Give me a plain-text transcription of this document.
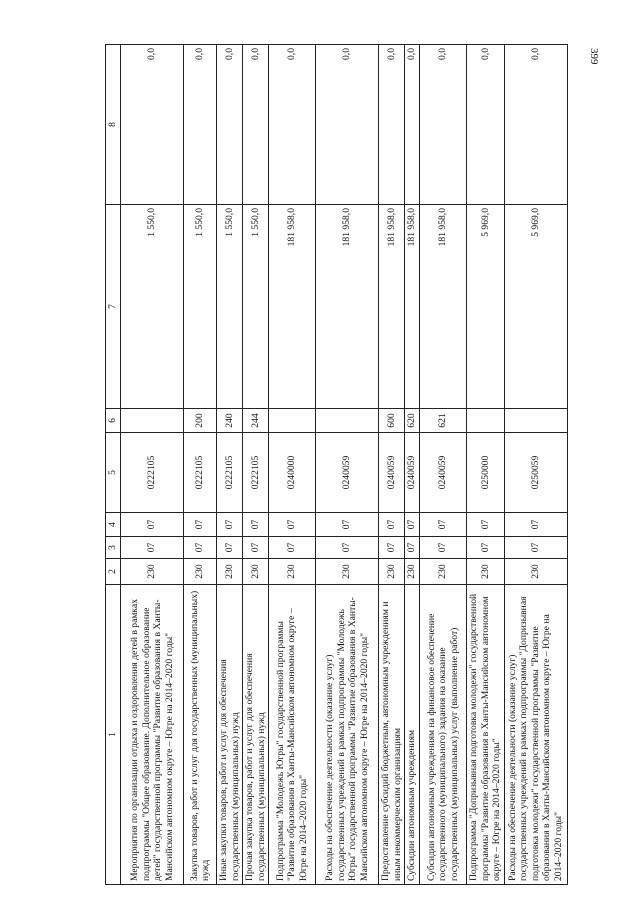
399
1	2	3	4	5	6	7	8
Мероприятия по организации отдыха и оздоровления детей в рамках подпрограммы "Общее образование. Дополнительное образование детей" государственной программы "Развитие образования в Ханты-Мансийском автономном округе – Югре на 2014–2020 годы"	230	07	07	0222105		1 550,0	0,0
Закупка товаров, работ и услуг для государственных (муниципальных) нужд	230	07	07	0222105	200	1 550,0	0,0
Иные закупки товаров, работ и услуг для обеспечения государственных (муниципальных) нужд	230	07	07	0222105	240	1 550,0	0,0
Прочая закупка товаров, работ и услуг для обеспечения государственных (муниципальных) нужд	230	07	07	0222105	244	1 550,0	0,0
Подпрограмма "Молодежь Югры" государственной программы "Развитие образования в Ханты-Мансийском автономном округе – Югре на 2014–2020 годы"	230	07	07	0240000		181 958,0	0,0
Расходы на обеспечение деятельности (оказание услуг) государственных учреждений в рамках подпрограммы "Молодежь Югры" государственной программы "Развитие образования в Ханты-Мансийском автономном округе – Югре на 2014–2020 годы"	230	07	07	0240059		181 958,0	0,0
Предоставление субсидий бюджетным, автономным учреждениям и иным некоммерческим организациям	230	07	07	0240059	600	181 958,0	0,0
Субсидии автономным учреждениям	230	07	07	0240059	620	181 958,0	0,0
Субсидии автономным учреждениям на финансовое обеспечение государственного (муниципального) задания на оказание государственных (муниципальных) услуг (выполнение работ)	230	07	07	0240059	621	181 958,0	0,0
Подпрограмма "Допризывная подготовка молодежи" государственной программы "Развитие образования в Ханты-Мансийском автономном округе – Югре на 2014–2020 годы"	230	07	07	0250000		5 969,0	0,0
Расходы на обеспечение деятельности (оказание услуг) государственных учреждений в рамках подпрограммы "Допризывная подготовка молодежи" государственной программы "Развитие образования в Ханты-Мансийском автономном округе – Югре на 2014–2020 годы"	230	07	07	0250059		5 969,0	0,0
